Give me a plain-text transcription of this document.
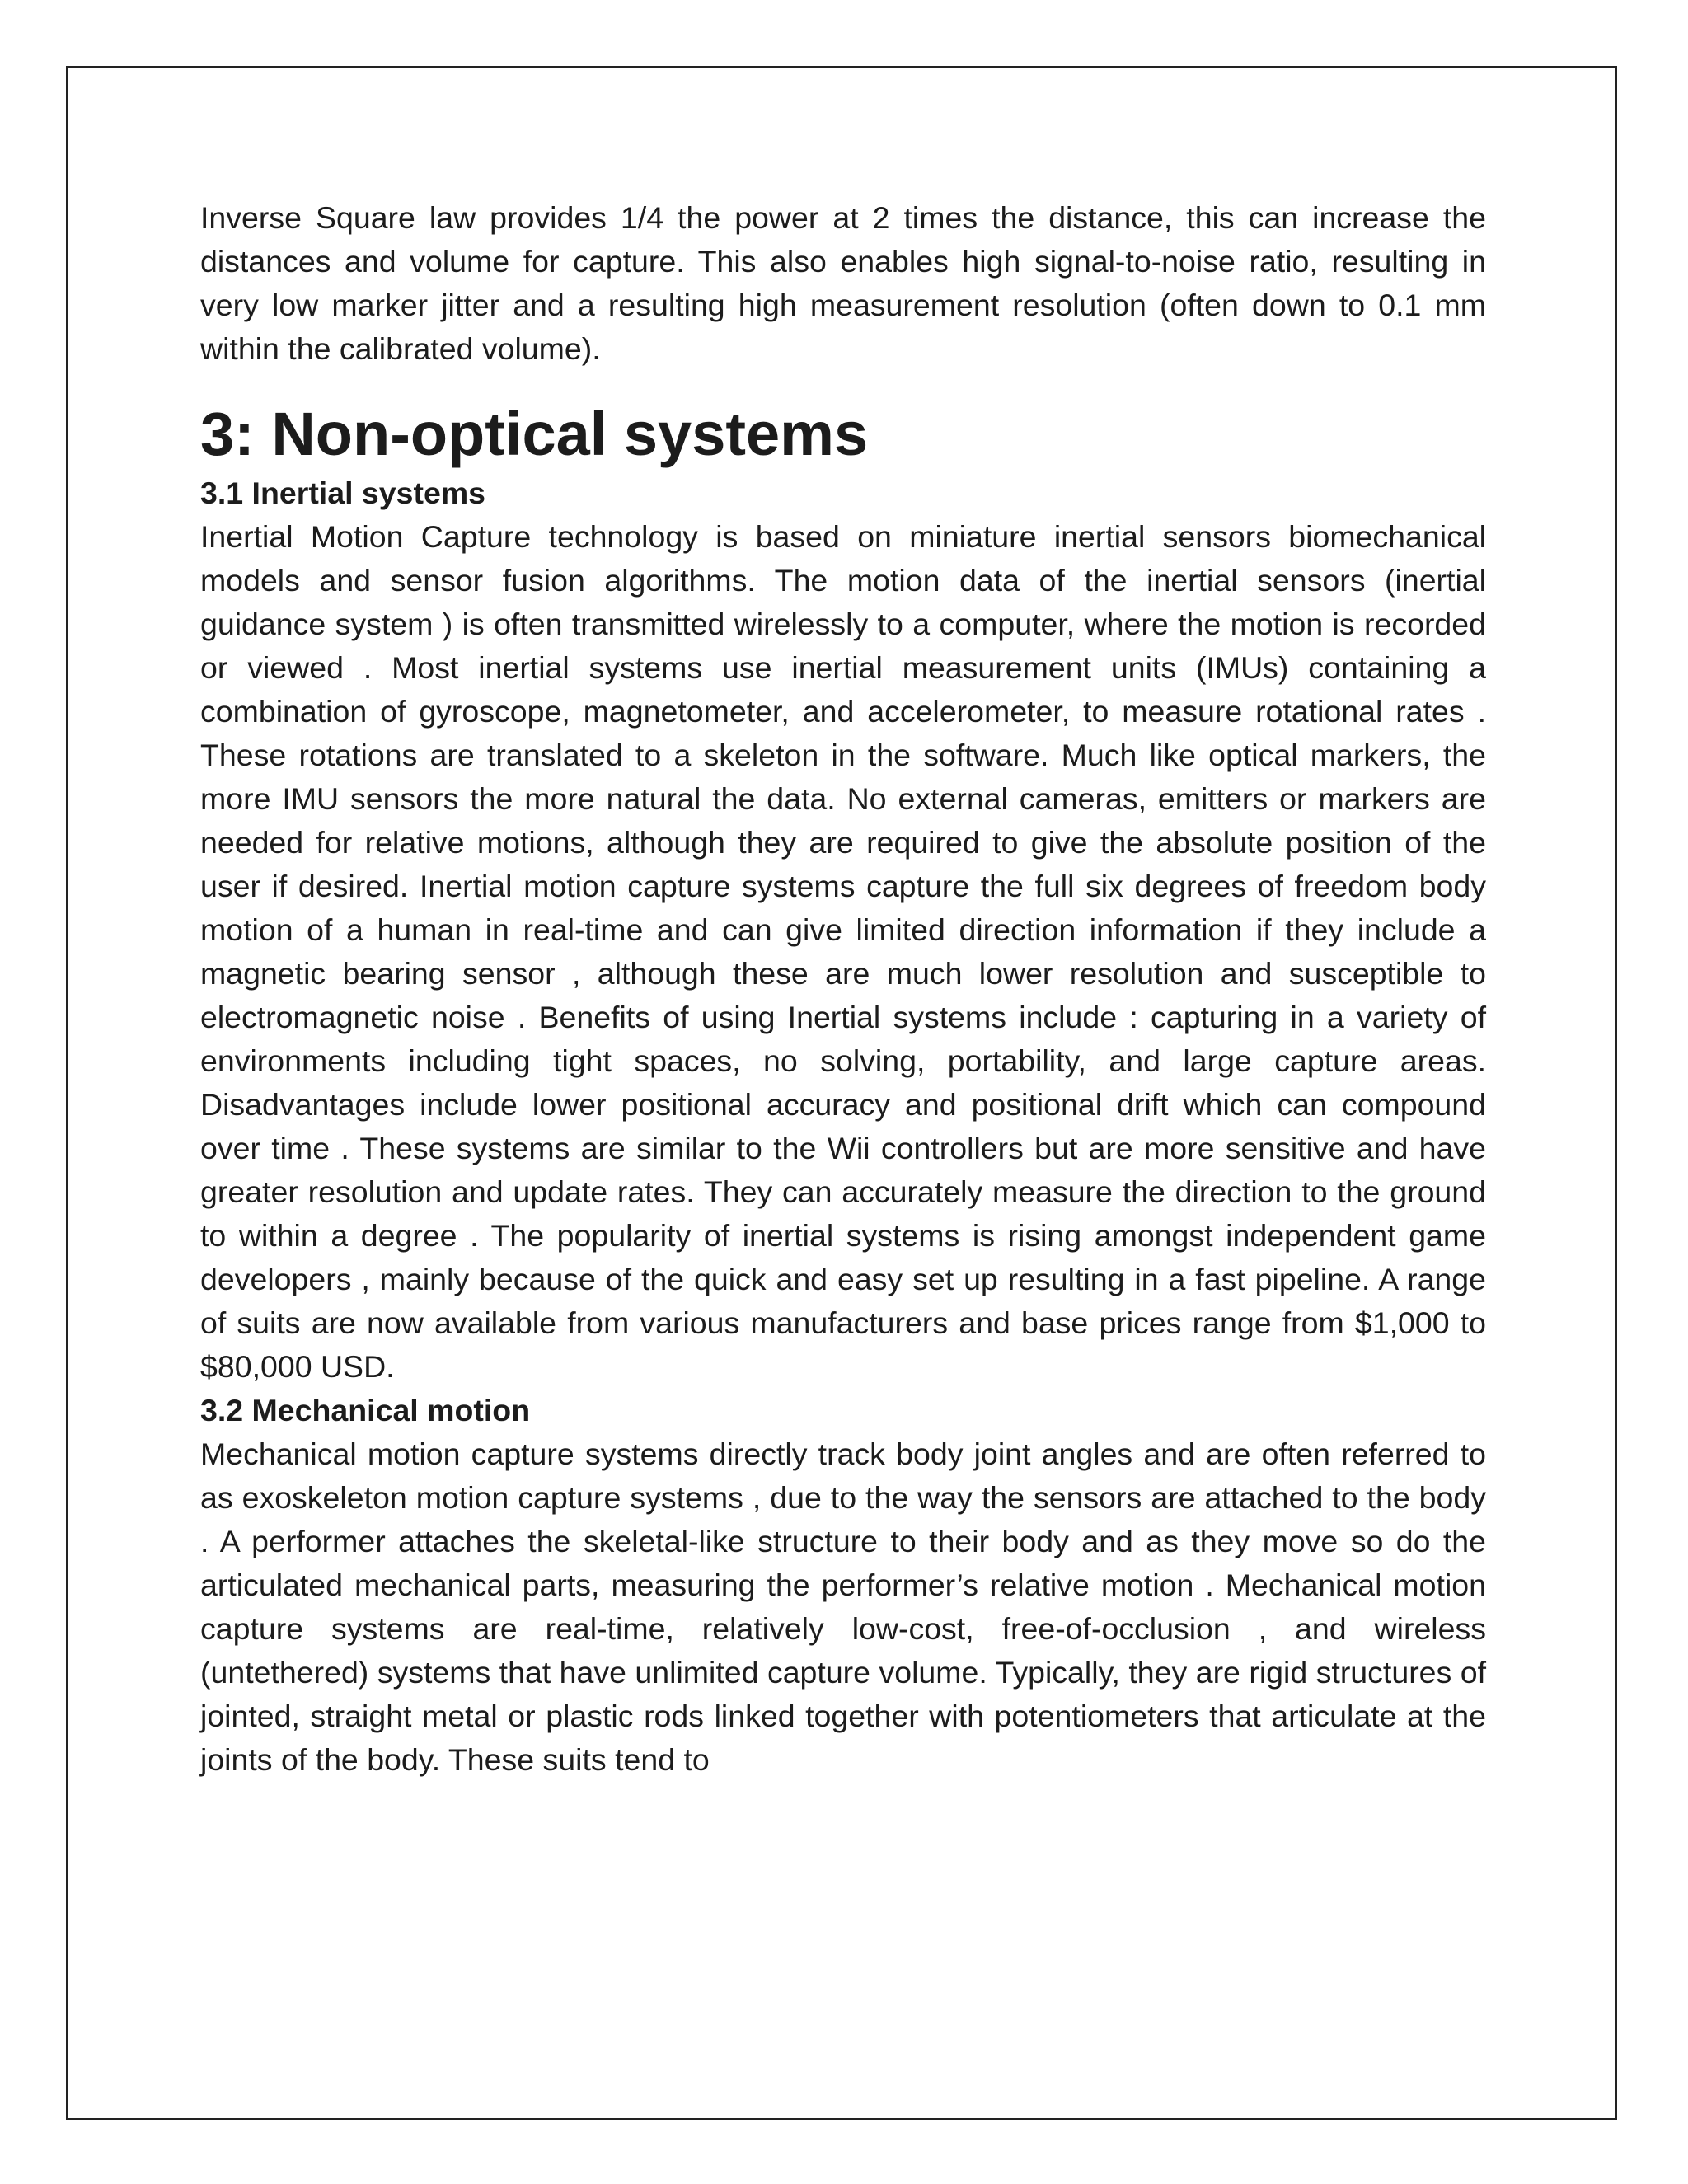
Inverse Square law provides 1/4 the power at 2 times the distance, this can increase the distances and volume for capture. This also enables high signal-to-noise ratio, resulting in very low marker jitter and a resulting high measurement resolution (often down to 0.1 mm within the calibrated volume).

3: Non-optical systems
3.1 Inertial systems

Inertial Motion Capture technology is based on miniature inertial sensors biomechanical models and sensor fusion algorithms. The motion data of the inertial sensors (inertial guidance system ) is often transmitted wirelessly to a computer, where the motion is recorded or viewed . Most inertial systems use inertial measurement units (IMUs) containing a combination of gyroscope, magnetometer, and accelerometer, to measure rotational rates . These rotations are translated to a skeleton in the software. Much like optical markers, the more IMU sensors the more natural the data. No external cameras, emitters or markers are needed for relative motions, although they are required to give the absolute position of the user if desired. Inertial motion capture systems capture the full six degrees of freedom body motion of a human in real-time and can give limited direction information if they include a magnetic bearing sensor , although these are much lower resolution and susceptible to electromagnetic noise . Benefits of using Inertial systems include : capturing in a variety of environments including tight spaces, no solving, portability, and large capture areas. Disadvantages include lower positional accuracy and positional drift which can compound over time . These systems are similar to the Wii controllers but are more sensitive and have greater resolution and update rates. They can accurately measure the direction to the ground to within a degree . The popularity of inertial systems is rising amongst independent game developers , mainly because of the quick and easy set up resulting in a fast pipeline. A range of suits are now available from various manufacturers and base prices range from $1,000 to $80,000 USD.

3.2 Mechanical motion

Mechanical motion capture systems directly track body joint angles and are often referred to as exoskeleton motion capture systems , due to the way the sensors are attached to the body . A performer attaches the skeletal-like structure to their body and as they move so do the articulated mechanical parts, measuring the performer’s relative motion . Mechanical motion capture systems are real-time, relatively low-cost, free-of-occlusion , and wireless (untethered) systems that have unlimited capture volume. Typically, they are rigid structures of jointed, straight metal or plastic rods linked together with potentiometers that articulate at the joints of the body. These suits tend to
